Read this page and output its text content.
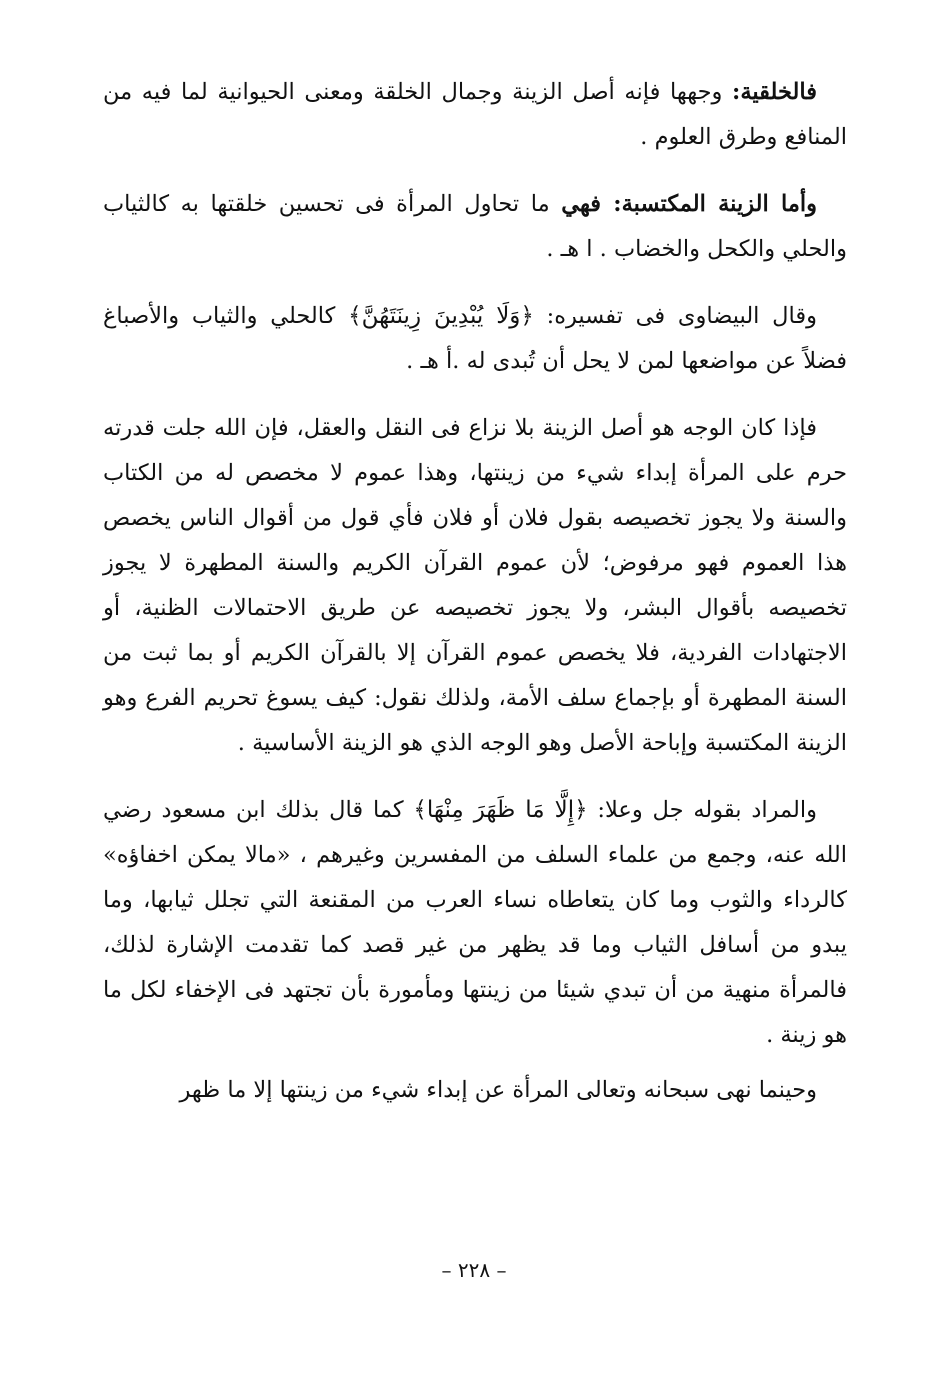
فالخلقية: وجهها فإنه أصل الزينة وجمال الخلقة ومعنى الحيوانية لما فيه من المنافع وطرق العلوم .

وأما الزينة المكتسبة: فهي ما تحاول المرأة فى تحسين خلقتها به كالثياب والحلي والكحل والخضاب . ا هـ .

وقال البيضاوى فى تفسيره: ﴿وَلَا يُبْدِينَ زِينَتَهُنَّ﴾ كالحلي والثياب والأصباغ فضلاً عن مواضعها لمن لا يحل أن تُبدى له .أ هـ .

فإذا كان الوجه هو أصل الزينة بلا نزاع فى النقل والعقل، فإن الله جلت قدرته حرم على المرأة إبداء شيء من زينتها، وهذا عموم لا مخصص له من الكتاب والسنة ولا يجوز تخصيصه بقول فلان أو فلان فأي قول من أقوال الناس يخصص هذا العموم فهو مرفوض؛ لأن عموم القرآن الكريم والسنة المطهرة لا يجوز تخصيصه بأقوال البشر، ولا يجوز تخصيصه عن طريق الاحتمالات الظنية، أو الاجتهادات الفردية، فلا يخصص عموم القرآن إلا بالقرآن الكريم أو بما ثبت من السنة المطهرة أو بإجماع سلف الأمة، ولذلك نقول: كيف يسوغ تحريم الفرع وهو الزينة المكتسبة وإباحة الأصل وهو الوجه الذي هو الزينة الأساسية .

والمراد بقوله جل وعلا: ﴿إِلَّا مَا ظَهَرَ مِنْهَا﴾ كما قال بذلك ابن مسعود رضي الله عنه، وجمع من علماء السلف من المفسرين وغيرهم ، «مالا يمكن اخفاؤه» كالرداء والثوب وما كان يتعاطاه نساء العرب من المقنعة التي تجلل ثيابها، وما يبدو من أسافل الثياب وما قد يظهر من غير قصد كما تقدمت الإشارة لذلك، فالمرأة منهية من أن تبدي شيئا من زينتها ومأمورة بأن تجتهد فى الإخفاء لكل ما هو زينة .

وحينما نهى سبحانه وتعالى المرأة عن إبداء شيء من زينتها إلا ما ظهر

– ٢٢٨ –
